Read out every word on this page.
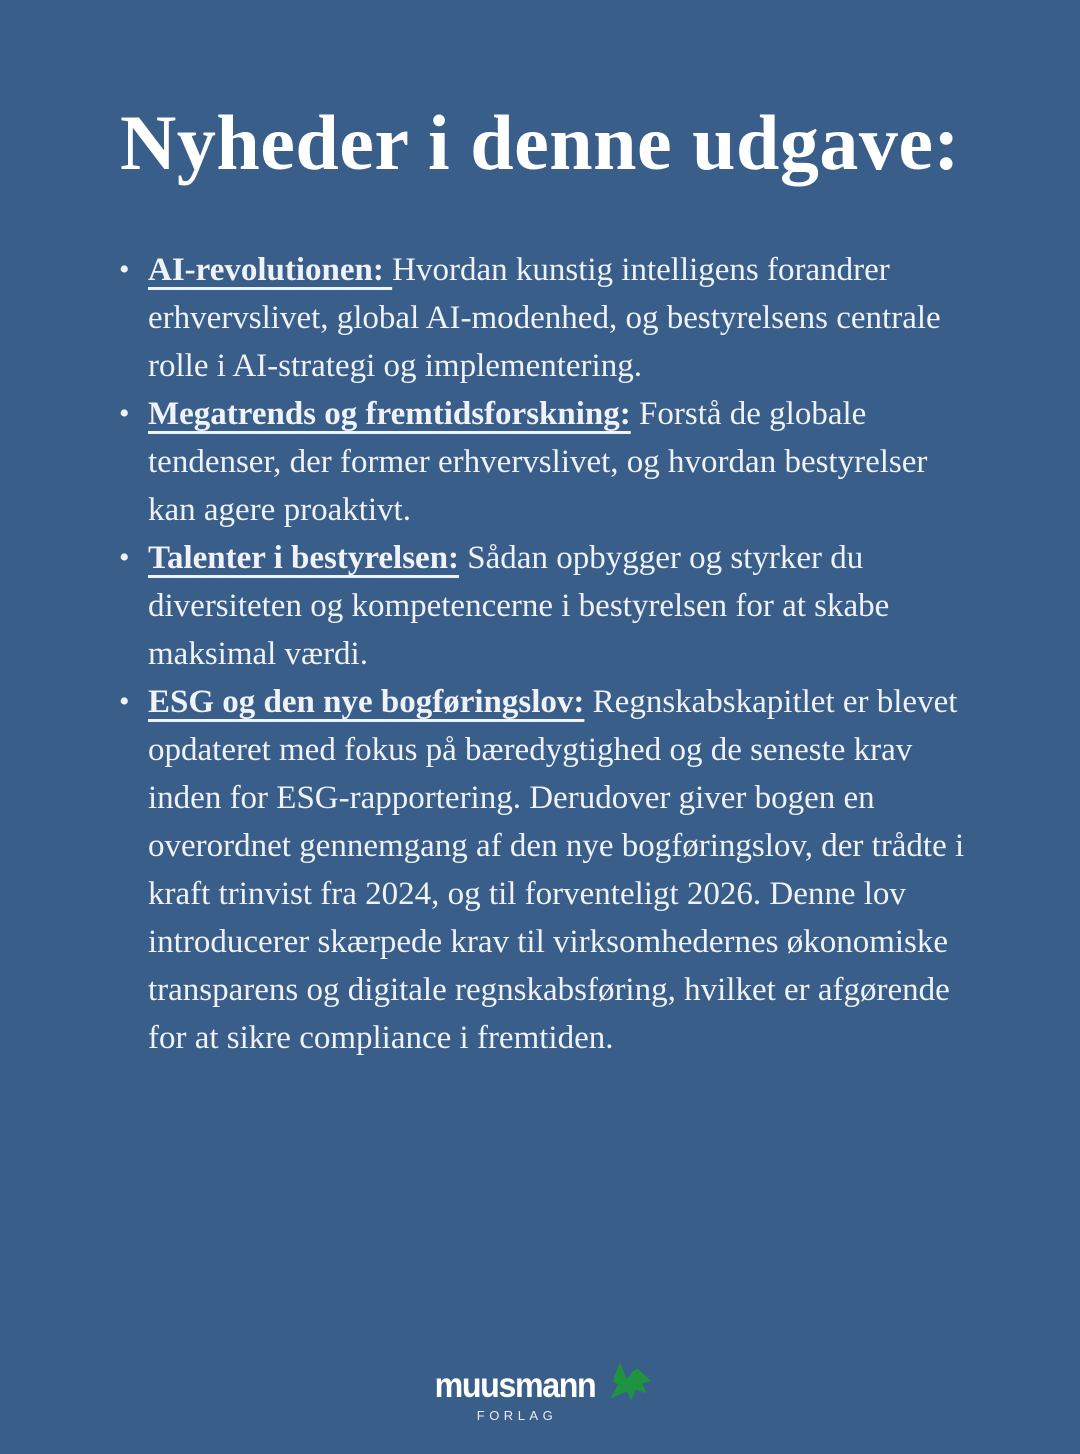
Nyheder i denne udgave:
• AI-revolutionen: Hvordan kunstig intelligens forandrer erhvervslivet, global AI-modenhed, og bestyrelsens centrale rolle i AI-strategi og implementering.
• Megatrends og fremtidsforskning: Forstå de globale tendenser, der former erhvervslivet, og hvordan bestyrelser kan agere proaktivt.
• Talenter i bestyrelsen: Sådan opbygger og styrker du diversiteten og kompetencerne i bestyrelsen for at skabe maksimal værdi.
• ESG og den nye bogføringslov: Regnskabskapitlet er blevet opdateret med fokus på bæredygtighed og de seneste krav inden for ESG-rapportering. Derudover giver bogen en overordnet gennemgang af den nye bogføringslov, der trådte i kraft trinvist fra 2024, og til forventeligt 2026. Denne lov introducerer skærpede krav til virksomhedernes økonomiske transparens og digitale regnskabsføring, hvilket er afgørende for at sikre compliance i fremtiden.
muusmann
FORLAG
